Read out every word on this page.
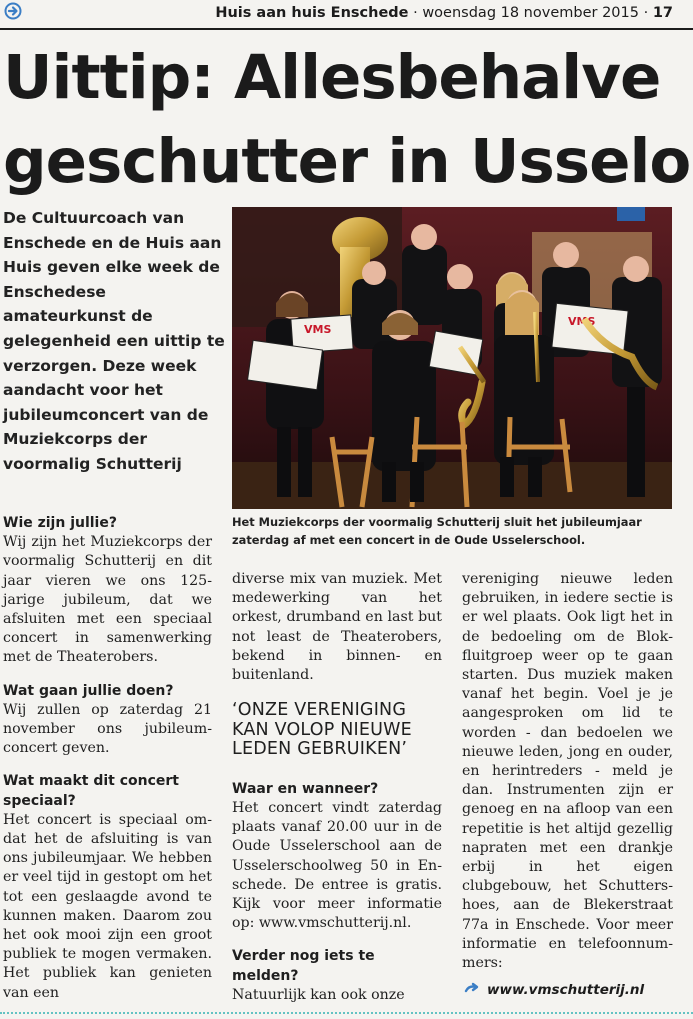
Huis aan huis Enschede · woensdag 18 november 2015 · 17
Uittip: Allesbehalve
geschutter in Usselo
De Cultuurcoach van Enschede en de Huis aan Huis geven elke week de Enschedese amateurkunst de gelegenheid een uittip te verzorgen. Deze week aandacht voor het jubileumconcert van de Muziekcorps der voormalig Schutterij
VMS
VMS
Het Muziekcorps der voormalig Schutterij sluit het jubileumjaar zaterdag af met een concert in de Oude Usselerschool.

Wie zijn jullie?

Wij zijn het Muziekcorps der voormalig Schutterij en dit jaar vieren we ons 125-jarige jubileum, dat we afsluiten met een speciaal concert in samenwerking met de Theaterobers.

Wat gaan jullie doen?

Wij zullen op zaterdag 21 november ons jubileumconcert geven.

Wat maakt dit concert speciaal?

Het concert is speciaal omdat het de afsluiting is van ons jubileumjaar. We hebben er veel tijd in gestopt om het tot een geslaagde avond te kunnen maken. Daarom zou het ook mooi zijn een groot publiek te mogen vermaken. Het publiek kan genieten van een

diverse mix van muziek. Met medewerking van het orkest, drumband en last but not least de Theaterobers, bekend in binnen- en buitenland.

‘ONZE VERENIGING KAN VOLOP NIEUWE LEDEN GEBRUIKEN’

Waar en wanneer?

Het concert vindt zaterdag plaats vanaf 20.00 uur in de Oude Usselerschool aan de Usselerschoolweg 50 in Enschede. De entree is gratis. Kijk voor meer informatie op: www.vmschutterij.nl.

Verder nog iets te melden?

Natuurlijk kan ook onze

vereniging nieuwe leden gebruiken, in iedere sectie is er wel plaats. Ook ligt het in de bedoeling om de Blokfluitgroep weer op te gaan starten. Dus muziek maken vanaf het begin. Voel je je aangesproken om lid te worden - dan bedoelen we nieuwe leden, jong en ouder, en herintreders - meld je dan. Instrumenten zijn er genoeg en na afloop van een repetitie is het altijd gezellig napraten met een drankje erbij in het eigen clubgebouw, het Schuttershoes, aan de Blekerstraat 77a in Enschede. Voor meer informatie en telefoonnummers:

www.vmschutterij.nl
